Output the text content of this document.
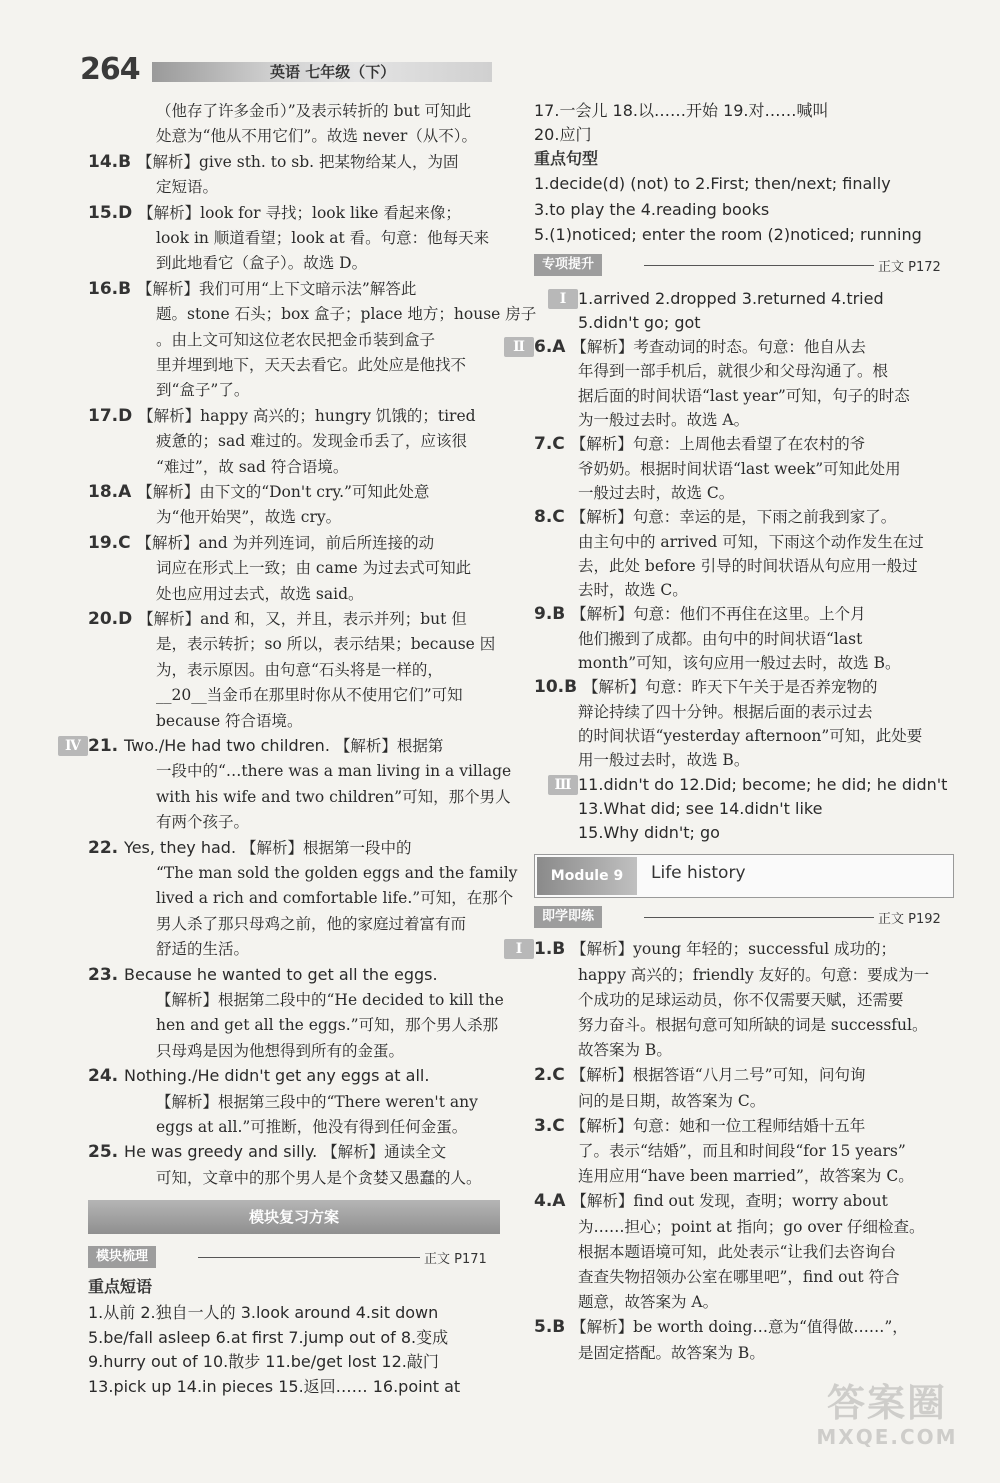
264	英语 七年级（下）
（他存了许多金币）”及表示转折的 but 可知此
处意为“他从不用它们”。故选 never（从不）。
14.B 【解析】give sth. to sb. 把某物给某人，为固
定短语。
15.D 【解析】look for 寻找；look like 看起来像；
look in 顺道看望；look at 看。句意：他每天来
到此地看它（盒子）。故选 D。
16.B 【解析】我们可用“上下文暗示法”解答此
题。stone 石头；box 盒子；place 地方；house 房子
。由上文可知这位老农民把金币装到盒子
里并埋到地下，天天去看它。此处应是他找不
到“盒子”了。
17.D 【解析】happy 高兴的；hungry 饥饿的；tired
疲惫的；sad 难过的。发现金币丢了，应该很
“难过”，故 sad 符合语境。
18.A 【解析】由下文的“Don't cry.”可知此处意
为“他开始哭”，故选 cry。
19.C 【解析】and 为并列连词，前后所连接的动
词应在形式上一致；由 came 为过去式可知此
处也应用过去式，故选 said。
20.D 【解析】and 和，又，并且，表示并列；but 但
是，表示转折；so 所以，表示结果；because 因
为，表示原因。由句意“石头将是一样的，
__20__当金币在那里时你从不使用它们”可知
because 符合语境。
Ⅳ 21. Two./He had two children. 【解析】根据第
一段中的“…there was a man living in a village
with his wife and two children”可知，那个男人
有两个孩子。
22. Yes, they had. 【解析】根据第一段中的
“The man sold the golden eggs and the family
lived a rich and comfortable life.”可知，在那个
男人杀了那只母鸡之前，他的家庭过着富有而
舒适的生活。
23. Because he wanted to get all the eggs.
【解析】根据第二段中的“He decided to kill the
hen and get all the eggs.”可知，那个男人杀那
只母鸡是因为他想得到所有的金蛋。
24. Nothing./He didn't get any eggs at all.
【解析】根据第三段中的“There weren't any
eggs at all.”可推断，他没有得到任何金蛋。
25. He was greedy and silly. 【解析】通读全文
可知，文章中的那个男人是个贪婪又愚蠢的人。
模块复习方案
模块梳理	正文 P171
重点短语
1.从前 2.独自一人的 3.look around 4.sit down
5.be/fall asleep 6.at first 7.jump out of 8.变成
9.hurry out of 10.散步 11.be/get lost 12.敲门
13.pick up 14.in pieces 15.返回…… 16.point at
17.一会儿 18.以……开始 19.对……喊叫
20.应门
重点句型
1.decide(d) (not) to 2.First; then/next; finally
3.to play the 4.reading books
5.(1)noticed; enter the room (2)noticed; running
专项提升	正文 P172
Ⅰ 1.arrived 2.dropped 3.returned 4.tried
5.didn't go; got
Ⅱ 6.A 【解析】考查动词的时态。句意：他自从去
年得到一部手机后，就很少和父母沟通了。根
据后面的时间状语“last year”可知，句子的时态
为一般过去时。故选 A。
7.C 【解析】句意：上周他去看望了在农村的爷
爷奶奶。根据时间状语“last week”可知此处用
一般过去时，故选 C。
8.C 【解析】句意：幸运的是，下雨之前我到家了。
由主句中的 arrived 可知，下雨这个动作发生在过
去，此处 before 引导的时间状语从句应用一般过
去时，故选 C。
9.B 【解析】句意：他们不再住在这里。上个月
他们搬到了成都。由句中的时间状语“last
month”可知，该句应用一般过去时，故选 B。
10.B 【解析】句意：昨天下午关于是否养宠物的
辩论持续了四十分钟。根据后面的表示过去
的时间状语“yesterday afternoon”可知，此处要
用一般过去时，故选 B。
Ⅲ 11.didn't do 12.Did; become; he did; he didn't
13.What did; see 14.didn't like
15.Why didn't; go
Module 9	Life history
即学即练	正文 P192
Ⅰ 1.B 【解析】young 年轻的；successful 成功的；
happy 高兴的；friendly 友好的。句意：要成为一
个成功的足球运动员，你不仅需要天赋，还需要
努力奋斗。根据句意可知所缺的词是 successful。
故答案为 B。
2.C 【解析】根据答语“八月二号”可知，问句询
问的是日期，故答案为 C。
3.C 【解析】句意：她和一位工程师结婚十五年
了。表示“结婚”，而且和时间段“for 15 years”
连用应用“have been married”，故答案为 C。
4.A 【解析】find out 发现，查明；worry about
为……担心；point at 指向；go over 仔细检查。
根据本题语境可知，此处表示“让我们去咨询台
查查失物招领办公室在哪里吧”，find out 符合
题意，故答案为 A。
5.B 【解析】be worth doing…意为“值得做……”，
是固定搭配。故答案为 B。
答案圈
MXQE.COM
